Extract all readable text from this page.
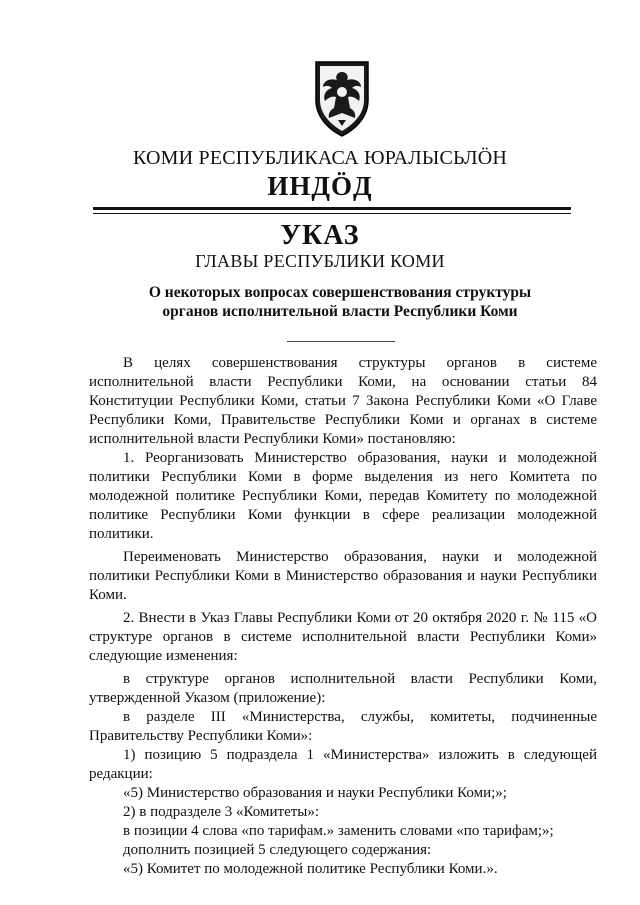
КОМИ РЕСПУБЛИКАСА ЮРАЛЫСЬЛӦН
ИНДӦД
УКАЗ
ГЛАВЫ РЕСПУБЛИКИ КОМИ
О некоторых вопросах совершенствования структуры
органов исполнительной власти Республики Коми

В целях совершенствования структуры органов в системе исполнительной власти Республики Коми, на основании статьи 84 Конституции Республики Коми, статьи 7 Закона Республики Коми «О Главе Республики Коми, Правительстве Республики Коми и органах в системе исполнительной власти Республики Коми» постановляю:

1. Реорганизовать Министерство образования, науки и молодежной политики Республики Коми в форме выделения из него Комитета по молодежной политике Республики Коми, передав Комитету по молодежной политике Республики Коми функции в сфере реализации молодежной политики.

Переименовать Министерство образования, науки и молодежной политики Республики Коми в Министерство образования и науки Республики Коми.

2. Внести в Указ Главы Республики Коми от 20 октября 2020 г. № 115 «О структуре органов в системе исполнительной власти Республики Коми» следующие изменения:

в структуре органов исполнительной власти Республики Коми, утвержденной Указом (приложение):

в разделе III «Министерства, службы, комитеты, подчиненные Правительству Республики Коми»:

1) позицию 5 подраздела 1 «Министерства» изложить в следующей редакции:

«5) Министерство образования и науки Республики Коми;»;

2) в подразделе 3 «Комитеты»:

в позиции 4 слова «по тарифам.» заменить словами «по тарифам;»;

дополнить позицией 5 следующего содержания:

«5) Комитет по молодежной политике Республики Коми.».
